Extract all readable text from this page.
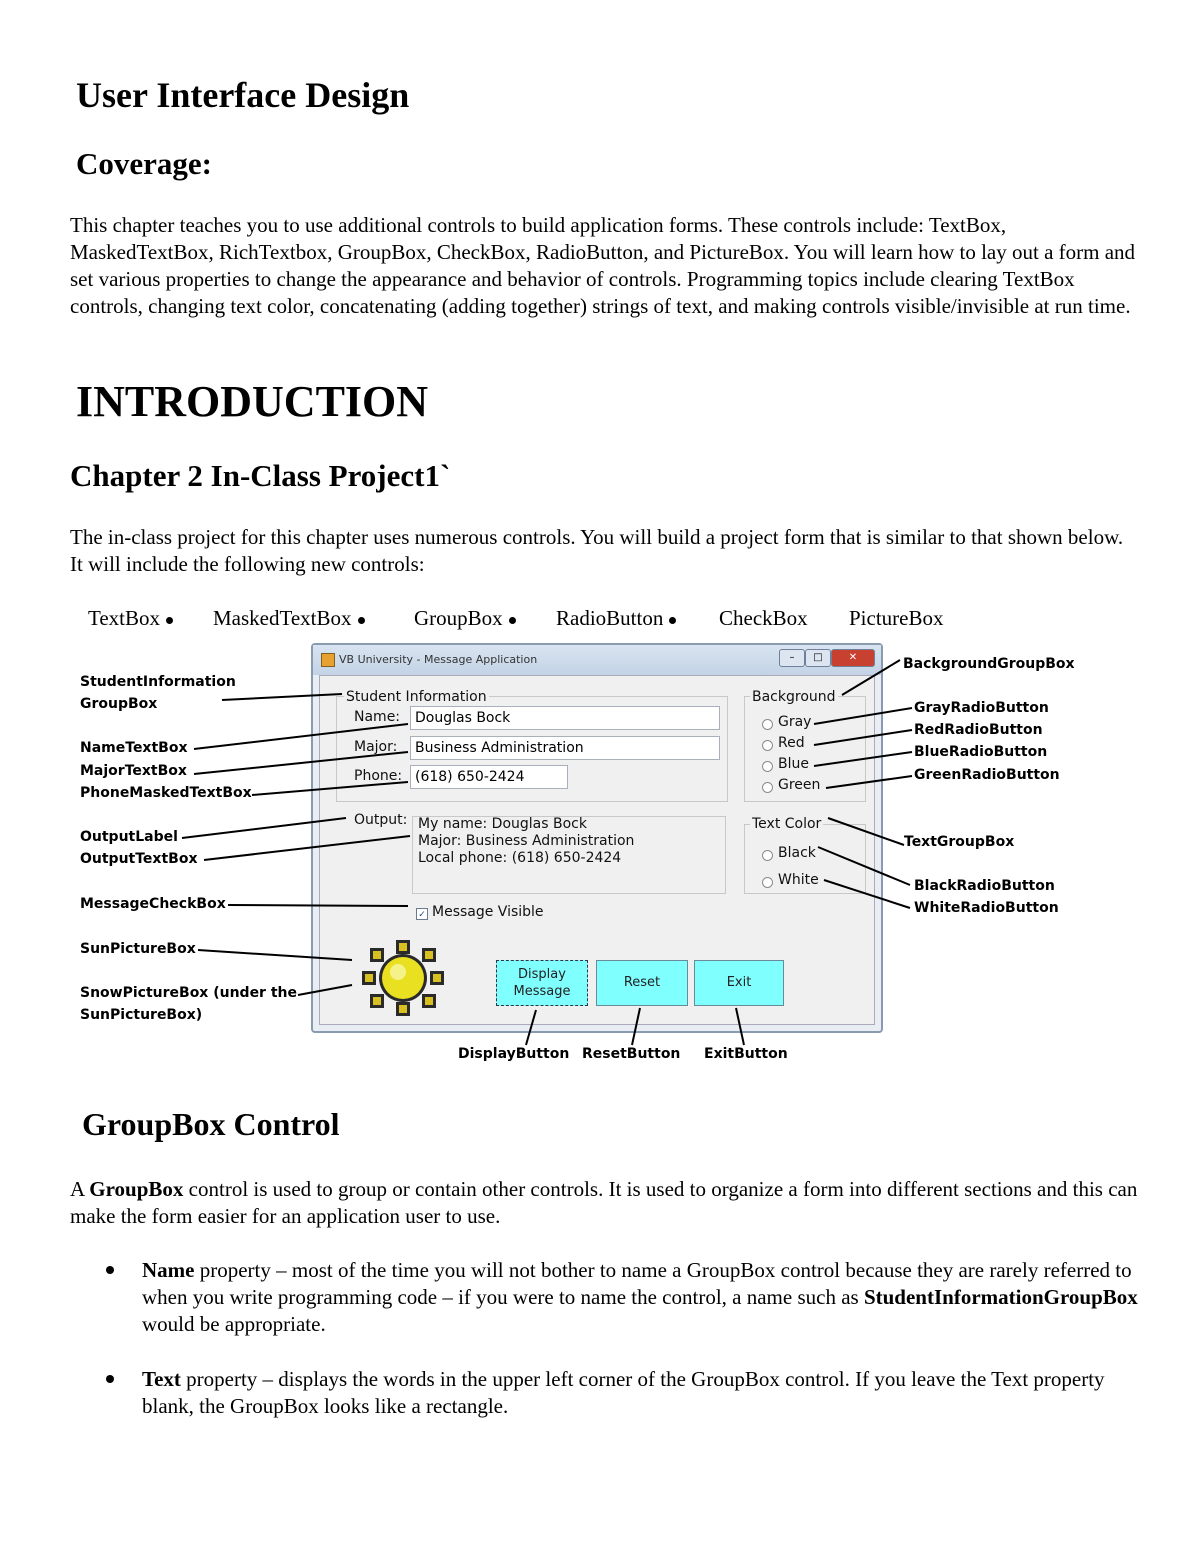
User Interface Design
Coverage:

This chapter teaches you to use additional controls to build application forms. These controls include: TextBox, MaskedTextBox, RichTextbox, GroupBox, CheckBox, RadioButton, and PictureBox. You will learn how to lay out a form and set various properties to change the appearance and behavior of controls. Programming topics include clearing TextBox controls, changing text color, concatenating (adding together) strings of text, and making controls visible/invisible at run time.

INTRODUCTION
Chapter 2 In-Class Project1`

The in-class project for this chapter uses numerous controls. You will build a project form that is similar to that shown below. It will include the following new controls:

TextBox	MaskedTextBox	GroupBox	RadioButton	CheckBox PictureBox
VB University - Message Application	–	□	✕
Student Information
Name:	Douglas Bock
Major:	Business Administration
Phone: (618) 650-2424
Background
Gray
Red
Blue
Green
Output: My name: Douglas Bock
Major: Business Administration
Local phone: (618) 650-2424
Text Color
Black
White
✓ Message Visible
Display
Message
Reset	Exit
StudentInformation
GroupBox
NameTextBox
MajorTextBox
PhoneMaskedTextBox
OutputLabel
OutputTextBox
MessageCheckBox
SunPictureBox
SnowPictureBox (under the
SunPictureBox)
BackgroundGroupBox
GrayRadioButton
RedRadioButton
BlueRadioButton
GreenRadioButton
TextGroupBox
BlackRadioButton
WhiteRadioButton
DisplayButton ResetButton ExitButton
GroupBox Control

A GroupBox control is used to group or contain other controls. It is used to organize a form into different sections and this can make the form easier for an application user to use.

Name property – most of the time you will not bother to name a GroupBox control because they are rarely referred to when you write programming code – if you were to name the control, a name such as StudentInformationGroupBox would be appropriate.

Text property – displays the words in the upper left corner of the GroupBox control. If you leave the Text property blank, the GroupBox looks like a rectangle.
